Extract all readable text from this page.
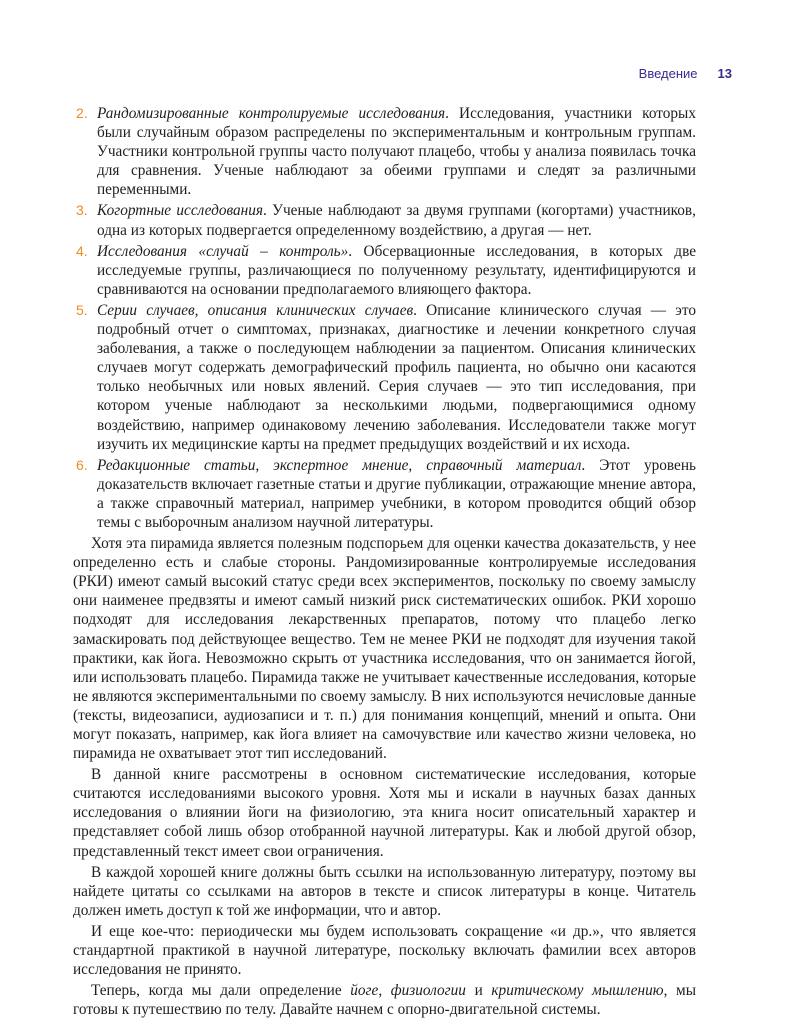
Введение 13
2. Рандомизированные контролируемые исследования. Исследования, участники которых были случайным образом распределены по экспериментальным и контрольным группам. Участники контрольной группы часто получают плацебо, чтобы у анализа появилась точка для сравнения. Ученые наблюдают за обеими группами и следят за различными переменными.
3. Когортные исследования. Ученые наблюдают за двумя группами (когортами) участников, одна из которых подвергается определенному воздействию, а другая — нет.
4. Исследования «случай – контроль». Обсервационные исследования, в которых две исследуемые группы, различающиеся по полученному результату, идентифицируются и сравниваются на основании предполагаемого влияющего фактора.
5. Серии случаев, описания клинических случаев. Описание клинического случая — это подробный отчет о симптомах, признаках, диагностике и лечении конкретного случая заболевания, а также о последующем наблюдении за пациентом. Описания клинических случаев могут содержать демографический профиль пациента, но обычно они касаются только необычных или новых явлений. Серия случаев — это тип исследования, при котором ученые наблюдают за несколькими людьми, подвергающимися одному воздействию, например одинаковому лечению заболевания. Исследователи также могут изучить их медицинские карты на предмет предыдущих воздействий и их исхода.
6. Редакционные статьи, экспертное мнение, справочный материал. Этот уровень доказательств включает газетные статьи и другие публикации, отражающие мнение автора, а также справочный материал, например учебники, в котором проводится общий обзор темы с выборочным анализом научной литературы.

Хотя эта пирамида является полезным подспорьем для оценки качества доказательств, у нее определенно есть и слабые стороны. Рандомизированные контролируемые исследования (РКИ) имеют самый высокий статус среди всех экспериментов, поскольку по своему замыслу они наименее предвзяты и имеют самый низкий риск систематических ошибок. РКИ хорошо подходят для исследования лекарственных препаратов, потому что плацебо легко замаскировать под действующее вещество. Тем не менее РКИ не подходят для изучения такой практики, как йога. Невозможно скрыть от участника исследования, что он занимается йогой, или использовать плацебо. Пирамида также не учитывает качественные исследования, которые не являются экспериментальными по своему замыслу. В них используются нечисловые данные (тексты, видеозаписи, аудиозаписи и т. п.) для понимания концепций, мнений и опыта. Они могут показать, например, как йога влияет на самочувствие или качество жизни человека, но пирамида не охватывает этот тип исследований.

В данной книге рассмотрены в основном систематические исследования, которые считаются исследованиями высокого уровня. Хотя мы и искали в научных базах данных исследования о влиянии йоги на физиологию, эта книга носит описательный характер и представляет собой лишь обзор отобранной научной литературы. Как и любой другой обзор, представленный текст имеет свои ограничения.

В каждой хорошей книге должны быть ссылки на использованную литературу, поэтому вы найдете цитаты со ссылками на авторов в тексте и список литературы в конце. Читатель должен иметь доступ к той же информации, что и автор.

И еще кое-что: периодически мы будем использовать сокращение «и др.», что является стандартной практикой в научной литературе, поскольку включать фамилии всех авторов исследования не принято.

Теперь, когда мы дали определение йоге, физиологии и критическому мышлению, мы готовы к путешествию по телу. Давайте начнем с опорно-двигательной системы.
